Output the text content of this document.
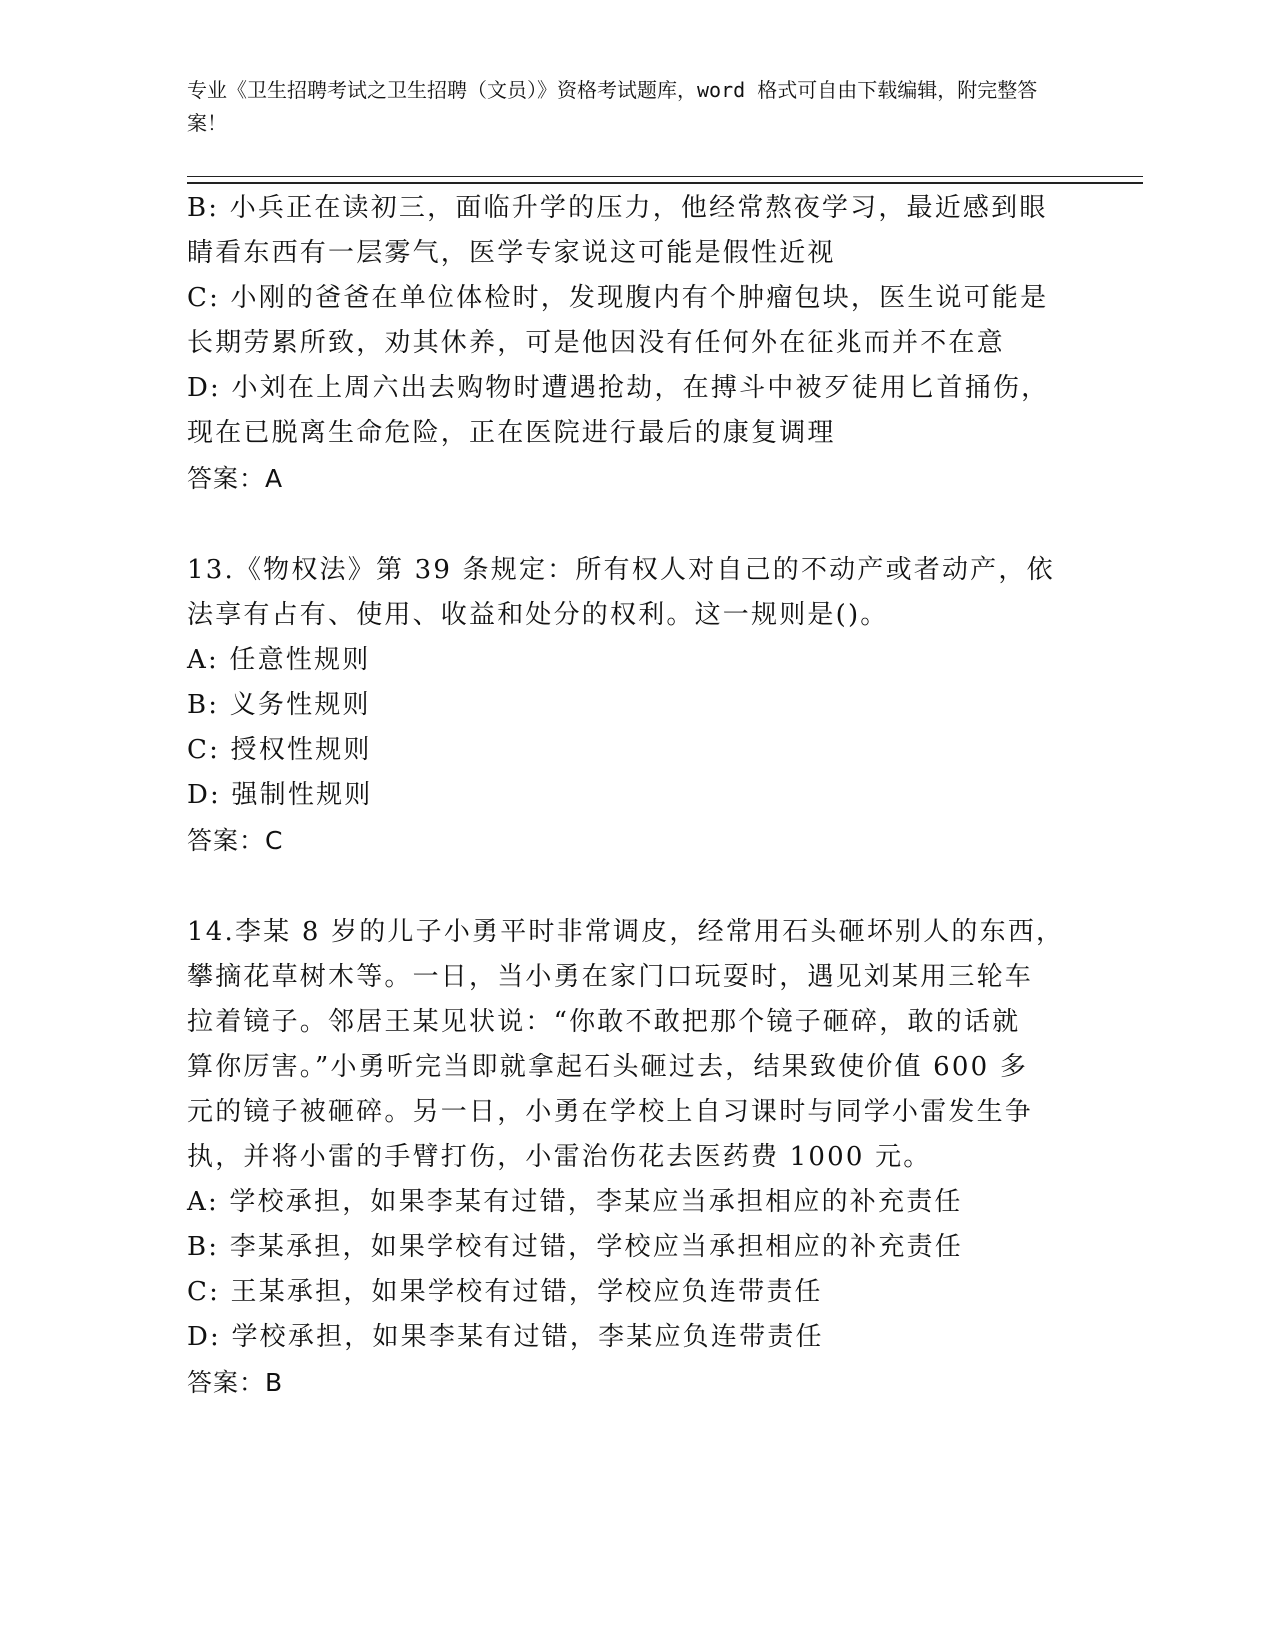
专业《卫生招聘考试之卫生招聘（文员）》资格考试题库，word 格式可自由下载编辑，附完整答案！
B: 小兵正在读初三，面临升学的压力，他经常熬夜学习，最近感到眼
睛看东西有一层雾气，医学专家说这可能是假性近视
C: 小刚的爸爸在单位体检时，发现腹内有个肿瘤包块，医生说可能是
长期劳累所致，劝其休养，可是他因没有任何外在征兆而并不在意
D: 小刘在上周六出去购物时遭遇抢劫，在搏斗中被歹徒用匕首捅伤，
现在已脱离生命危险，正在医院进行最后的康复调理
答案：A
13.《物权法》第 39 条规定：所有权人对自己的不动产或者动产，依
法享有占有、使用、收益和处分的权利。这一规则是()。
A: 任意性规则
B: 义务性规则
C: 授权性规则
D: 强制性规则
答案：C
14.李某 8 岁的儿子小勇平时非常调皮，经常用石头砸坏别人的东西，
攀摘花草树木等。一日，当小勇在家门口玩耍时，遇见刘某用三轮车
拉着镜子。邻居王某见状说：“你敢不敢把那个镜子砸碎，敢的话就
算你厉害。”小勇听完当即就拿起石头砸过去，结果致使价值 600 多
元的镜子被砸碎。另一日，小勇在学校上自习课时与同学小雷发生争
执，并将小雷的手臂打伤，小雷治伤花去医药费 1000 元。
A: 学校承担，如果李某有过错，李某应当承担相应的补充责任
B: 李某承担，如果学校有过错，学校应当承担相应的补充责任
C: 王某承担，如果学校有过错，学校应负连带责任
D: 学校承担，如果李某有过错，李某应负连带责任
答案：B
